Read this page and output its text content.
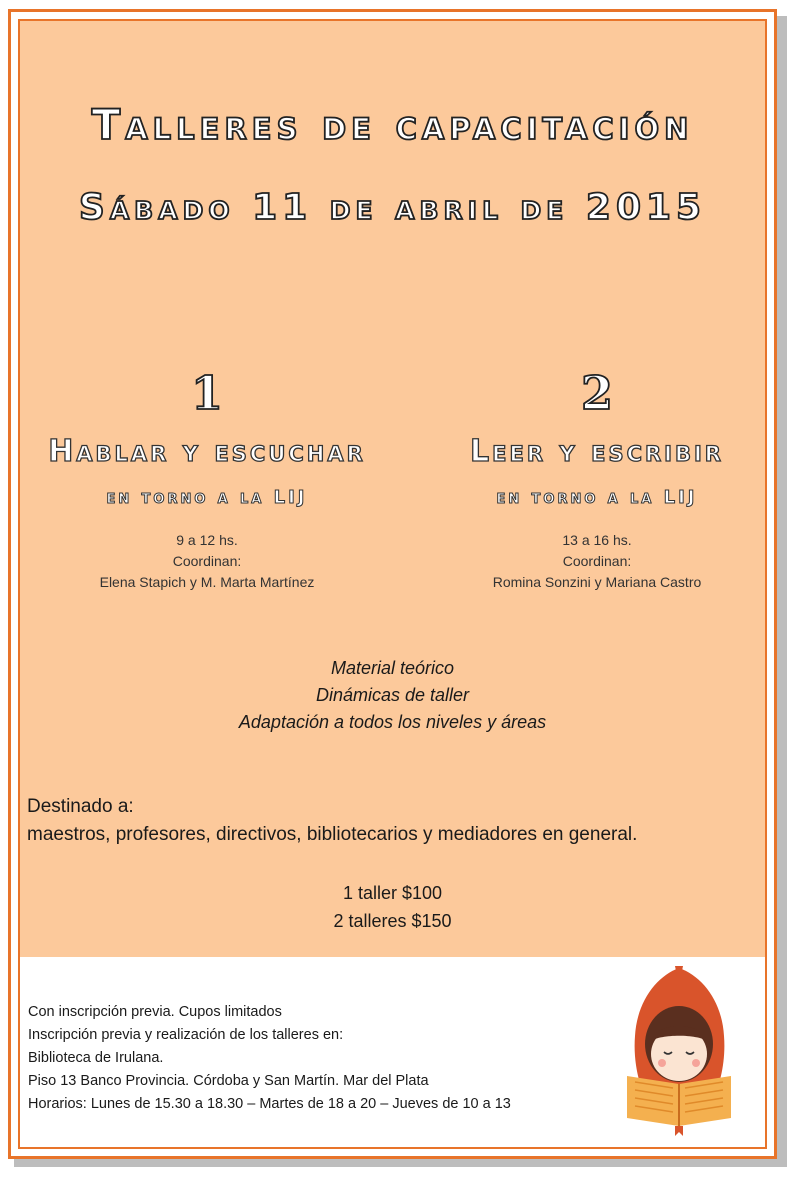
Talleres de capacitación
Sábado 11 de abril de 2015
1
Hablar y escuchar
en torno a la LIJ
9 a 12 hs.
Coordinan:
Elena Stapich y M. Marta Martínez
2
Leer y escribir
en torno a la LIJ
13 a 16 hs.
Coordinan:
Romina Sonzini y Mariana Castro
Material teórico
Dinámicas de taller
Adaptación a todos los niveles y áreas
Destinado a:
maestros, profesores, directivos, bibliotecarios y mediadores en general.
1 taller $100
2 talleres $150
Con inscripción previa. Cupos limitados
Inscripción previa y realización de los talleres en:
Biblioteca de Irulana.
Piso 13 Banco Provincia. Córdoba y San Martín. Mar del Plata
Horarios: Lunes de 15.30 a 18.30 – Martes de 18 a 20 – Jueves de 10 a 13
